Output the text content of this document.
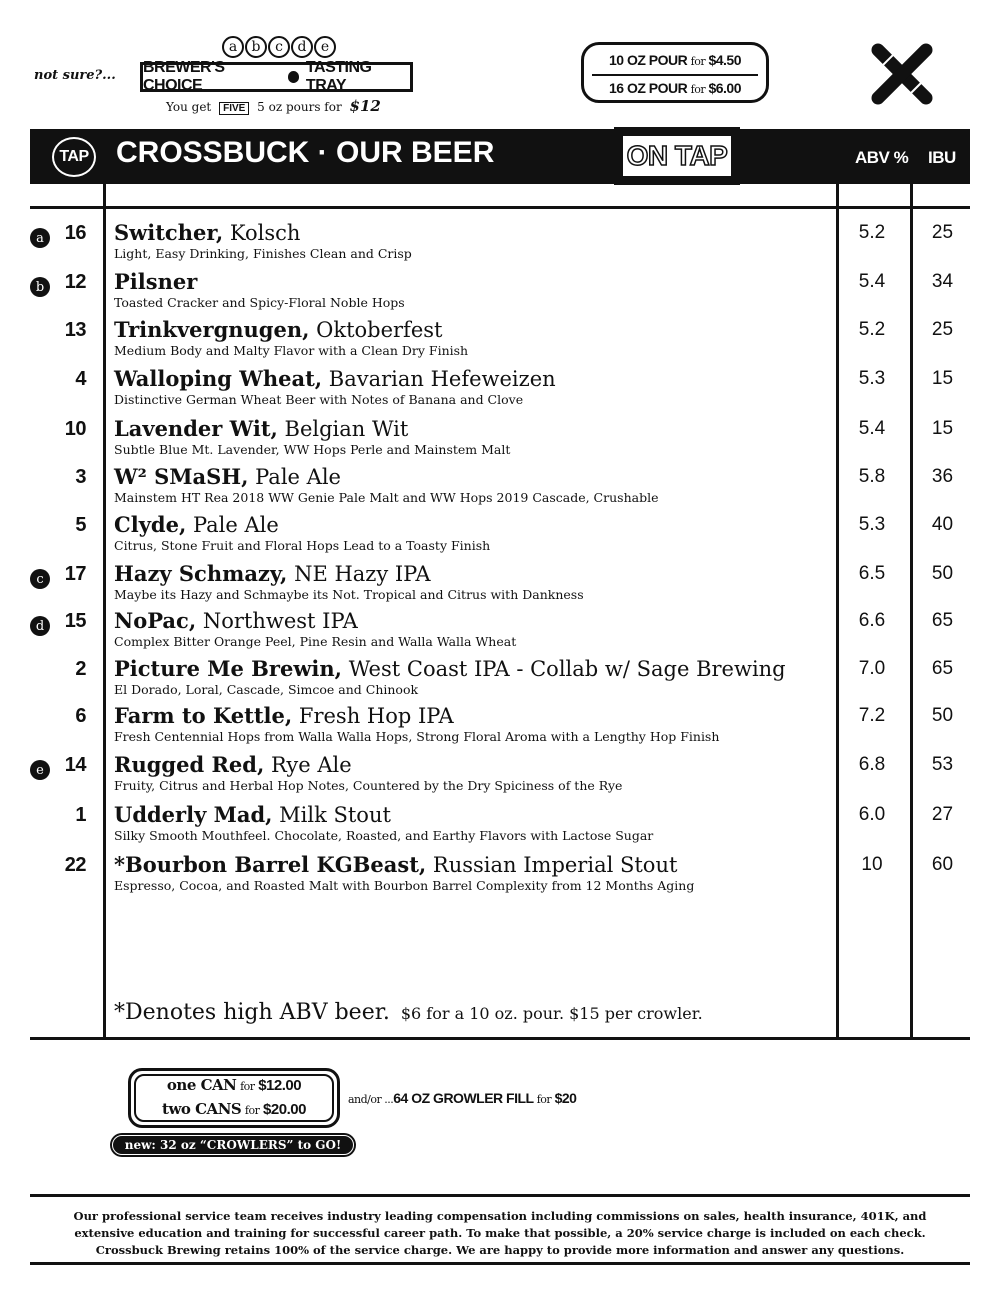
not sure?...
a	b	c	d	e
BREWER'S CHOICE
TASTING TRAY
You get FIVE 5 oz pours for $12
10 OZ POUR for $4.50
16 OZ POUR for $6.00
TAP CROSSBUCK · OUR BEER	ON TAP	ABV % IBU
a	16 Switcher, Kolsch
Light, Easy Drinking, Finishes Clean and Crisp
5.2	25
b	12 Pilsner
Toasted Cracker and Spicy-Floral Noble Hops
5.4	34
13 Trinkvergnugen, Oktoberfest
Medium Body and Malty Flavor with a Clean Dry Finish
5.2	25
4 Walloping Wheat, Bavarian Hefeweizen
Distinctive German Wheat Beer with Notes of Banana and Clove
5.3	15
10 Lavender Wit, Belgian Wit
Subtle Blue Mt. Lavender, WW Hops Perle and Mainstem Malt
5.4	15
3 W² SMaSH, Pale Ale
Mainstem HT Rea 2018 WW Genie Pale Malt and WW Hops 2019 Cascade, Crushable
5.8	36
5 Clyde, Pale Ale
Citrus, Stone Fruit and Floral Hops Lead to a Toasty Finish
5.3	40
c	17 Hazy Schmazy, NE Hazy IPA
Maybe its Hazy and Schmaybe its Not. Tropical and Citrus with Dankness
6.5	50
d	15 NoPac, Northwest IPA
Complex Bitter Orange Peel, Pine Resin and Walla Walla Wheat
6.6	65
2 Picture Me Brewin, West Coast IPA - Collab w/ Sage Brewing
El Dorado, Loral, Cascade, Simcoe and Chinook
7.0	65
6 Farm to Kettle, Fresh Hop IPA
Fresh Centennial Hops from Walla Walla Hops, Strong Floral Aroma with a Lengthy Hop Finish
7.2	50
e	14 Rugged Red, Rye Ale
Fruity, Citrus and Herbal Hop Notes, Countered by the Dry Spiciness of the Rye
6.8	53
1 Udderly Mad, Milk Stout
Silky Smooth Mouthfeel. Chocolate, Roasted, and Earthy Flavors with Lactose Sugar
6.0	27
22 *Bourbon Barrel KGBeast, Russian Imperial Stout
Espresso, Cocoa, and Roasted Malt with Bourbon Barrel Complexity from 12 Months Aging
10	60
*Denotes high ABV beer. $6 for a 10 oz. pour. $15 per crowler.
one CAN for $12.00
two CANS for $20.00
and/or ...64 OZ GROWLER FILL for $20
new: 32 oz “CROWLERS” to GO!
Our professional service team receives industry leading compensation including commissions on sales, health insurance, 401K, and extensive education and training for successful career path. To make that possible, a 20% service charge is included on each check. Crossbuck Brewing retains 100% of the service charge. We are happy to provide more information and answer any questions.
